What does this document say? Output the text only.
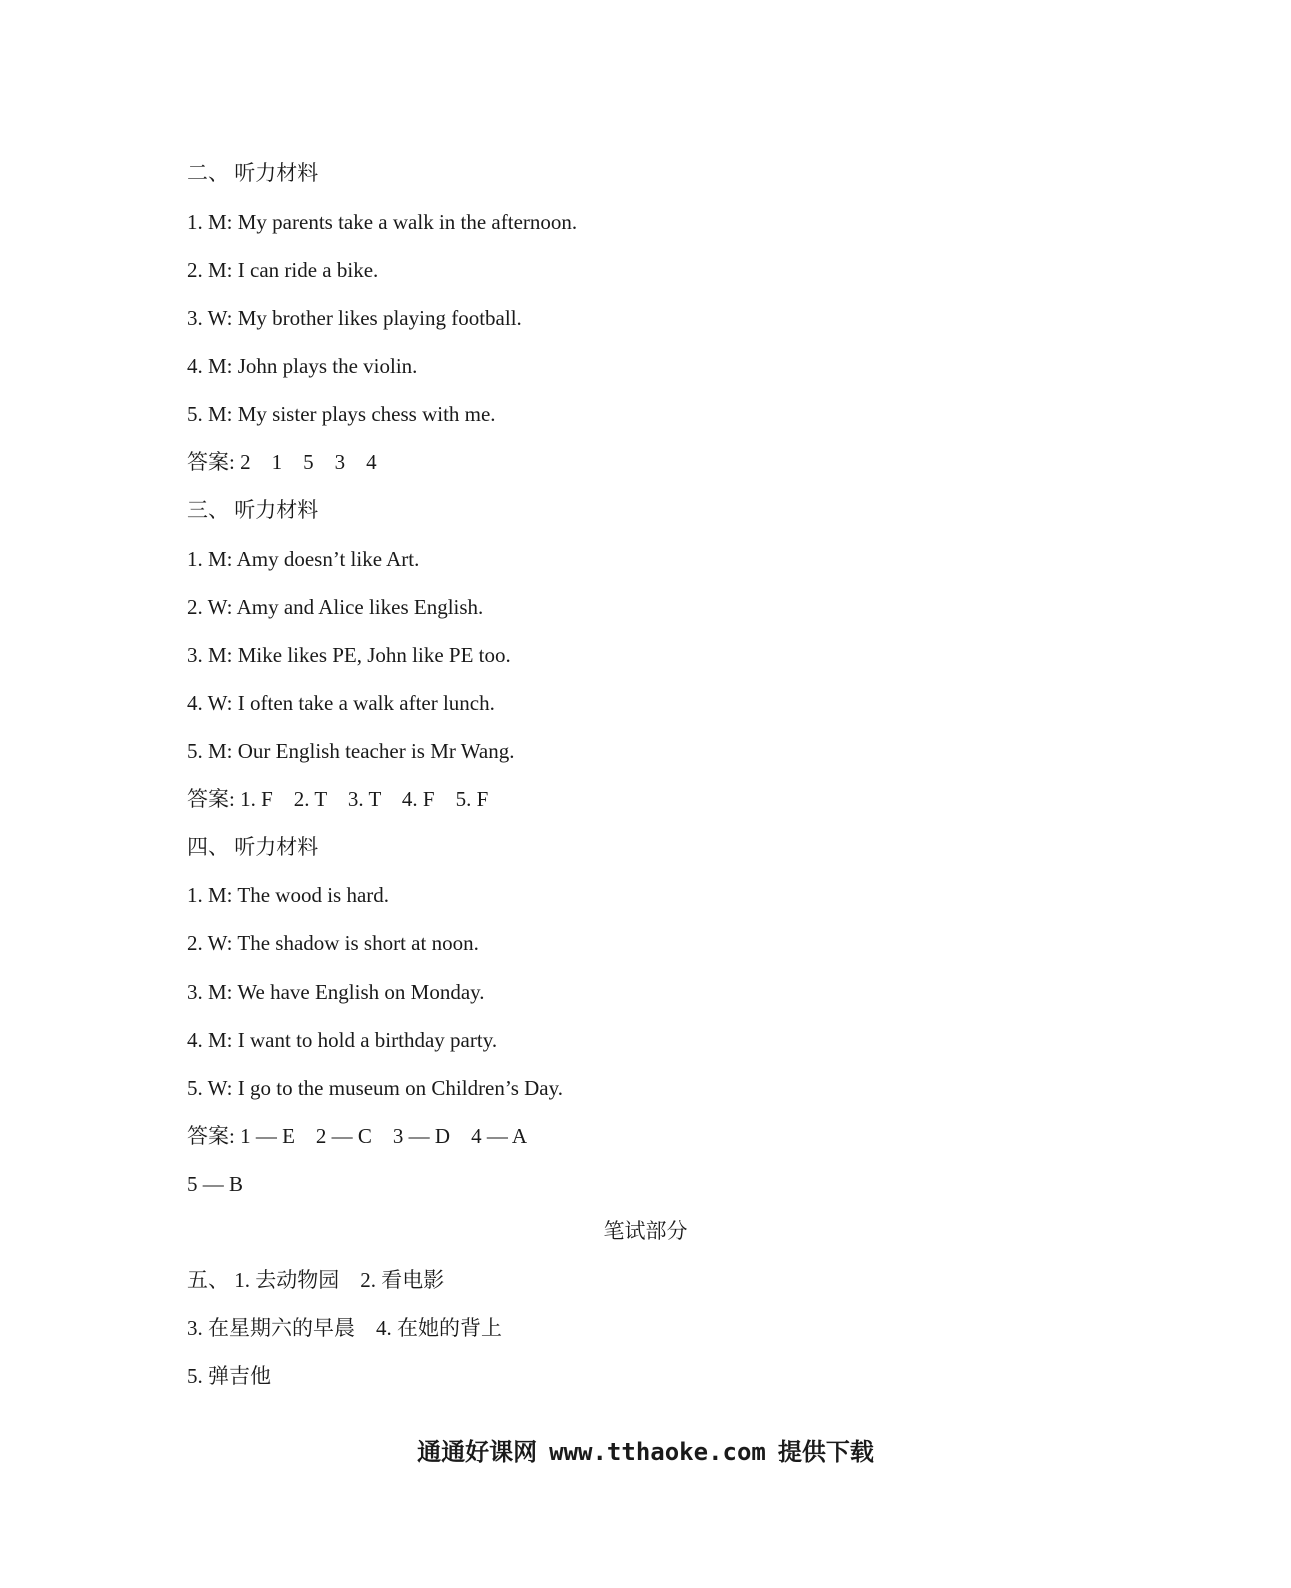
二、 听力材料
1. M: My parents take a walk in the afternoon.
2. M: I can ride a bike.
3. W: My brother likes playing football.
4. M: John plays the violin.
5. M: My sister plays chess with me.
答案: 2    1    5    3    4
三、 听力材料
1. M: Amy doesn’t like Art.
2. W: Amy and Alice likes English.
3. M: Mike likes PE, John like PE too.
4. W: I often take a walk after lunch.
5. M: Our English teacher is Mr Wang.
答案: 1. F    2. T    3. T    4. F    5. F
四、 听力材料
1. M: The wood is hard.
2. W: The shadow is short at noon.
3. M: We have English on Monday.
4. M: I want to hold a birthday party.
5. W: I go to the museum on Children’s Day.
答案: 1 — E    2 — C    3 — D    4 — A
5 — B
笔试部分
五、 1. 去动物园    2. 看电影
3. 在星期六的早晨    4. 在她的背上
5. 弹吉他
通通好课网 www.tthaoke.com 提供下载
